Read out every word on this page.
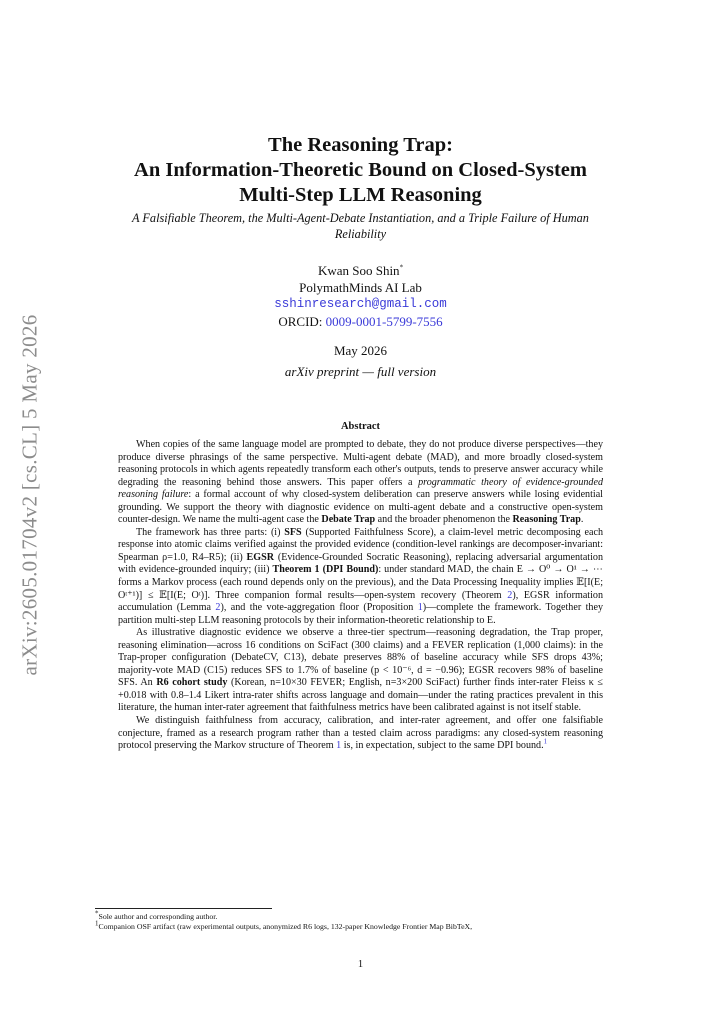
arXiv:2605.01704v2 [cs.CL] 5 May 2026
The Reasoning Trap:
An Information-Theoretic Bound on Closed-System
Multi-Step LLM Reasoning

A Falsifiable Theorem, the Multi-Agent-Debate Instantiation, and a Triple Failure of Human
Reliability

Kwan Soo Shin*
PolymathMinds AI Lab
sshinresearch@gmail.com
ORCID: 0009-0001-5799-7556
May 2026
arXiv preprint — full version
Abstract

When copies of the same language model are prompted to debate, they do not produce diverse perspectives—they produce diverse phrasings of the same perspective. Multi-agent debate (MAD), and more broadly closed-system reasoning protocols in which agents repeatedly transform each other's outputs, tends to preserve answer accuracy while degrading the reasoning behind those answers. This paper offers a programmatic theory of evidence-grounded reasoning failure: a formal account of why closed-system deliberation can preserve answers while losing evidential grounding. We support the theory with diagnostic evidence on multi-agent debate and a constructive open-system counter-design. We name the multi-agent case the Debate Trap and the broader phenomenon the Reasoning Trap.

The framework has three parts: (i) SFS (Supported Faithfulness Score), a claim-level metric decomposing each response into atomic claims verified against the provided evidence (condition-level rankings are decomposer-invariant: Spearman ρ=1.0, R4–R5); (ii) EGSR (Evidence-Grounded Socratic Reasoning), replacing adversarial argumentation with evidence-grounded inquiry; (iii) Theorem 1 (DPI Bound): under standard MAD, the chain E → O⁰ → O¹ → ⋯ forms a Markov process (each round depends only on the previous), and the Data Processing Inequality implies 𝔼[I(E; Oᵗ⁺¹)] ≤ 𝔼[I(E; Oᵗ)]. Three companion formal results—open-system recovery (Theorem 2), EGSR information accumulation (Lemma 2), and the vote-aggregation floor (Proposition 1)—complete the framework. Together they partition multi-step LLM reasoning protocols by their information-theoretic relationship to E.

As illustrative diagnostic evidence we observe a three-tier spectrum—reasoning degradation, the Trap proper, reasoning elimination—across 16 conditions on SciFact (300 claims) and a FEVER replication (1,000 claims): in the Trap-proper configuration (DebateCV, C13), debate preserves 88% of baseline accuracy while SFS drops 43%; majority-vote MAD (C15) reduces SFS to 1.7% of baseline (p < 10⁻⁶, d = −0.96); EGSR recovers 98% of baseline SFS. An R6 cohort study (Korean, n=10×30 FEVER; English, n=3×200 SciFact) further finds inter-rater Fleiss κ ≤ +0.018 with 0.8–1.4 Likert intra-rater shifts across language and domain—under the rating practices prevalent in this literature, the human inter-rater agreement that faithfulness metrics have been calibrated against is not itself stable.

We distinguish faithfulness from accuracy, calibration, and inter-rater agreement, and offer one falsifiable conjecture, framed as a research program rather than a tested claim across paradigms: any closed-system reasoning protocol preserving the Markov structure of Theorem 1 is, in expectation, subject to the same DPI bound.$^1$

*Sole author and corresponding author.
$^1$Companion OSF artifact (raw experimental outputs, anonymized R6 logs, 132-paper Knowledge Frontier Map BibTeX,
1
